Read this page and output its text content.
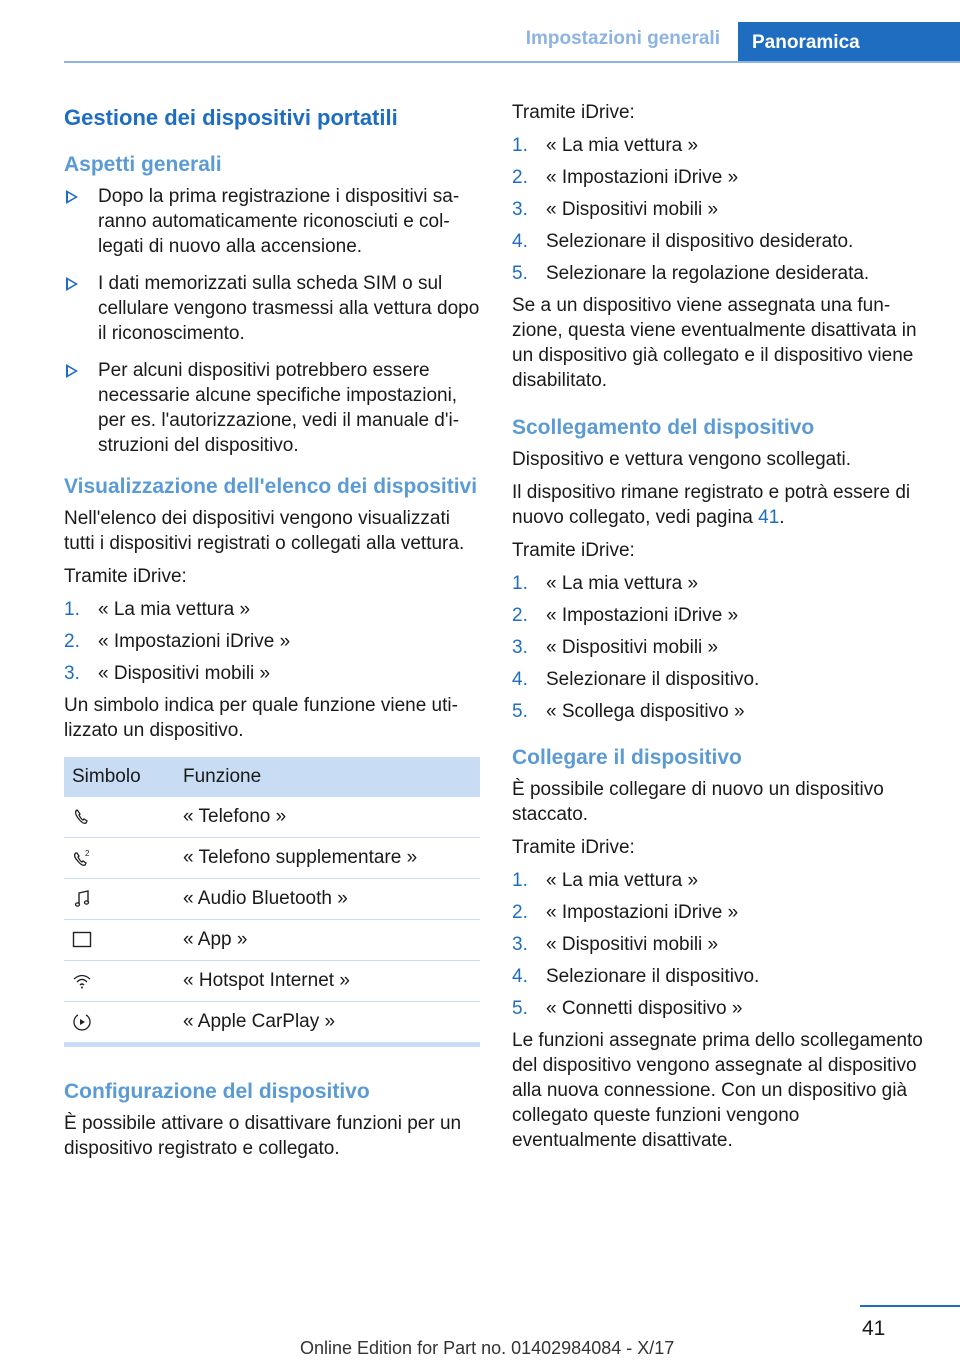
Impostazioni generali	Panoramica
Gestione dei dispositivi portatili
Aspetti generali
Dopo la prima registrazione i dispositivi saranno automaticamente riconosciuti e collegati di nuovo alla accensione.
I dati memorizzati sulla scheda SIM o sul cellulare vengono trasmessi alla vettura dopo il riconoscimento.
Per alcuni dispositivi potrebbero essere necessarie alcune specifiche impostazioni, per es. l'autorizzazione, vedi il manuale d'istruzioni del dispositivo.
Visualizzazione dell'elenco dei dispositivi

Nell'elenco dei dispositivi vengono visualizzati tutti i dispositivi registrati o collegati alla vettura.

Tramite iDrive:

1. « La mia vettura »
2. « Impostazioni iDrive »
3. « Dispositivi mobili »

Un simbolo indica per quale funzione viene utilizzato un dispositivo.

Simbolo	Funzione
	« Telefono »

2	« Telefono supplementare »
	« Audio Bluetooth »
	« App »
	« Hotspot Internet »
	« Apple CarPlay »
Configurazione del dispositivo

È possibile attivare o disattivare funzioni per un dispositivo registrato e collegato.

Tramite iDrive:

1. « La mia vettura »
2. « Impostazioni iDrive »
3. « Dispositivi mobili »
4. Selezionare il dispositivo desiderato.
5. Selezionare la regolazione desiderata.

Se a un dispositivo viene assegnata una funzione, questa viene eventualmente disattivata in un dispositivo già collegato e il dispositivo viene disabilitato.

Scollegamento del dispositivo

Dispositivo e vettura vengono scollegati.

Il dispositivo rimane registrato e potrà essere di nuovo collegato, vedi pagina 41.

Tramite iDrive:

1. « La mia vettura »
2. « Impostazioni iDrive »
3. « Dispositivi mobili »
4. Selezionare il dispositivo.
5. « Scollega dispositivo »
Collegare il dispositivo

È possibile collegare di nuovo un dispositivo staccato.

Tramite iDrive:

1. « La mia vettura »
2. « Impostazioni iDrive »
3. « Dispositivi mobili »
4. Selezionare il dispositivo.
5. « Connetti dispositivo »

Le funzioni assegnate prima dello scollegamento del dispositivo vengono assegnate al dispositivo alla nuova connessione. Con un dispositivo già collegato queste funzioni vengono eventualmente disattivate.

41
Online Edition for Part no. 01402984084 - X/17
